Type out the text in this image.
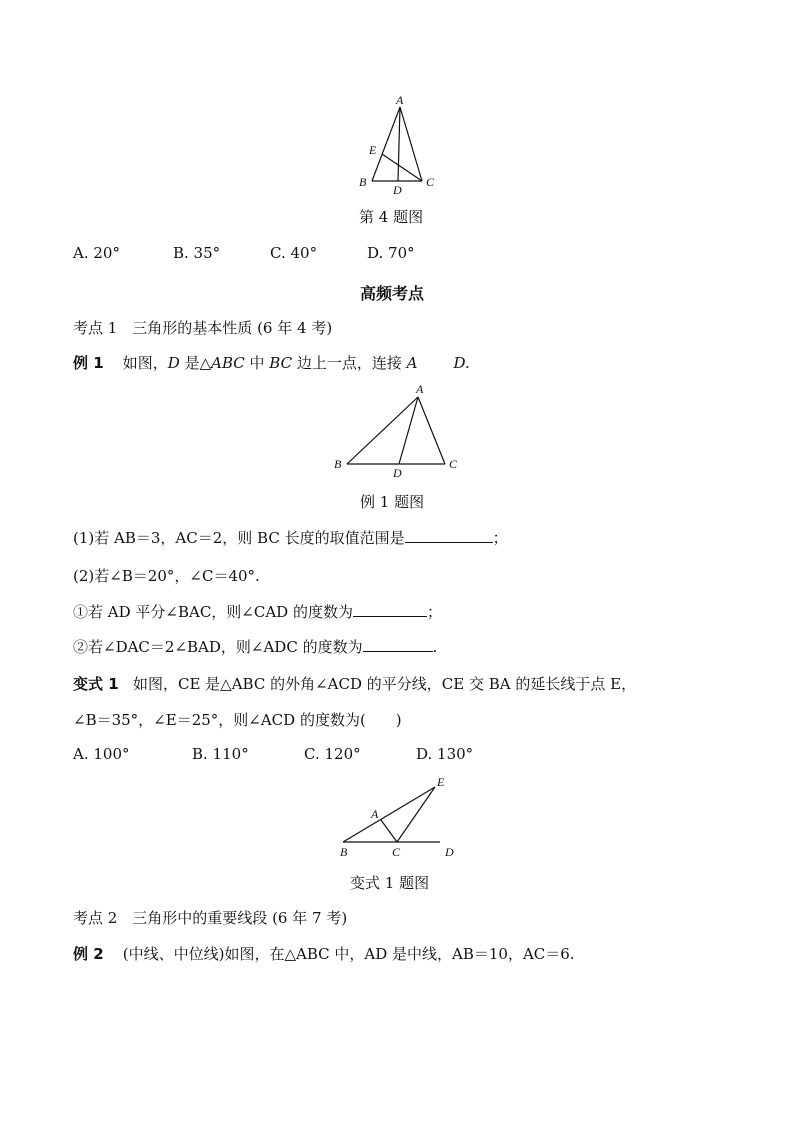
A
E
B
D
C
第 4 题图
A. 20°	B. 35°	C. 40°	D. 70°
高频考点
考点 1　三角形的基本性质 (6 年 4 考)
例 1 如图，D 是△ABC 中 BC 边上一点，连接 A D.
A
B
D
C
例 1 题图
(1)若 AB＝3，AC＝2，则 BC 长度的取值范围是	；
(2)若∠B＝20°，∠C＝40°.
①若 AD 平分∠BAC，则∠CAD 的度数为	；
②若∠DAC＝2∠BAD，则∠ADC 的度数为	.
变式 1 如图，CE 是△ABC 的外角∠ACD 的平分线，CE 交 BA 的延长线于点 E，
∠B＝35°，∠E＝25°，则∠ACD 的度数为(　　)
A. 100°	B. 110°	C. 120°	D. 130°
E
A
B	C	D
变式 1 题图
考点 2　三角形中的重要线段 (6 年 7 考)
例 2 (中线、中位线)如图，在△ABC 中，AD 是中线，AB＝10，AC＝6.
